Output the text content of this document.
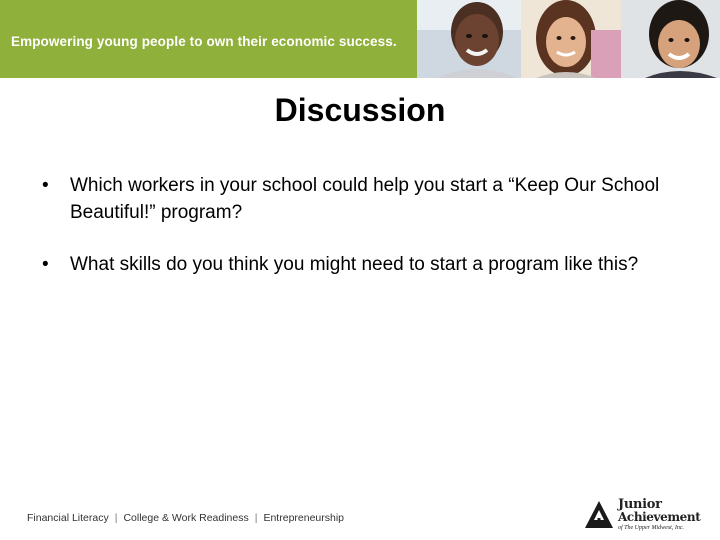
Empowering young people to own their economic success.
Discussion
• Which workers in your school could help you start a “Keep Our School Beautiful!” program?
• What skills do you think you might need to start a program like this?
Financial Literacy | College & Work Readiness | Entrepreneurship
Junior
Achievement
of The Upper Midwest, Inc.
